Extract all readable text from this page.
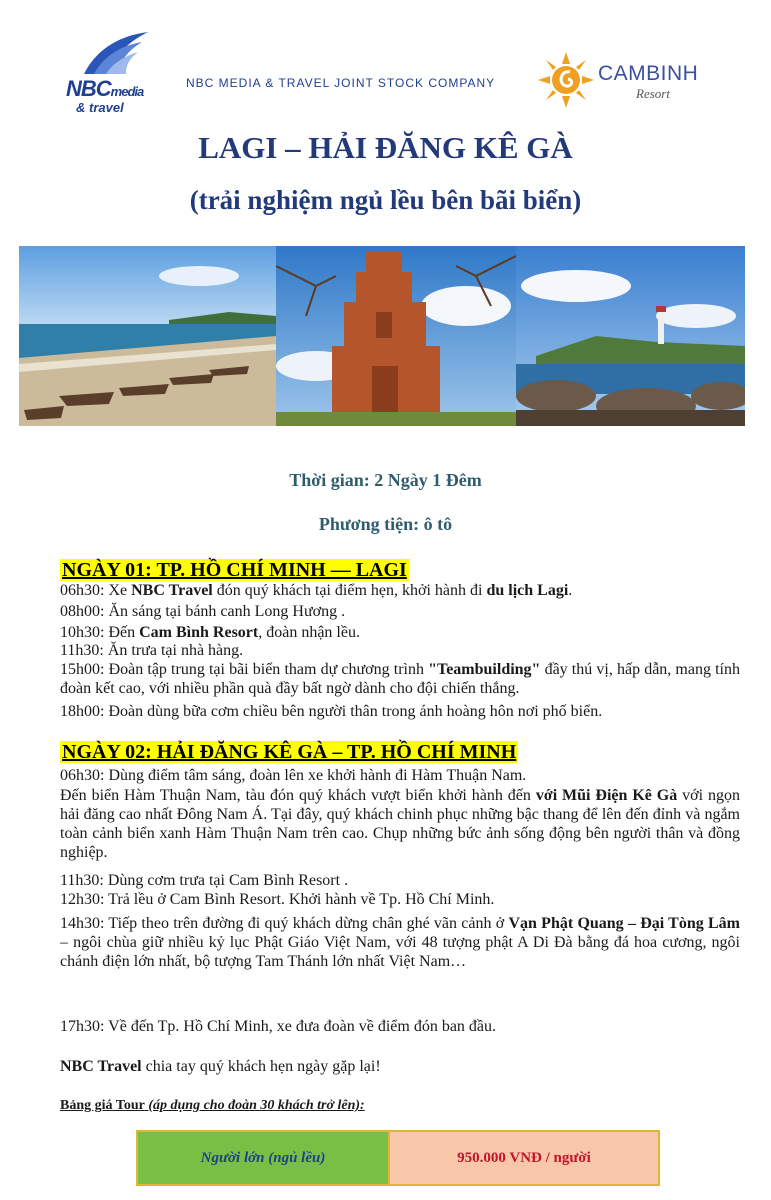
NBCmedia
& travel
NBC MEDIA & TRAVEL JOINT STOCK COMPANY	CAMBINH
Resort
LAGI – HẢI ĐĂNG KÊ GÀ
(trải nghiệm ngủ lều bên bãi biển)
Thời gian: 2 Ngày 1 Đêm
Phương tiện: ô tô
NGÀY 01: TP. HỒ CHÍ MINH — LAGI
06h30: Xe NBC Travel đón quý khách tại điểm hẹn, khởi hành đi du lịch Lagi.
08h00: Ăn sáng tại bánh canh Long Hương .
10h30: Đến Cam Bình Resort, đoàn nhận lều.
11h30: Ăn trưa tại nhà hàng.
15h00: Đoàn tập trung tại bãi biển tham dự chương trình "Teambuilding" đầy thú vị, hấp dẫn, mang tính đoàn kết cao, với nhiều phần quà đầy bất ngờ dành cho đội chiến thắng.
18h00: Đoàn dùng bữa cơm chiều bên người thân trong ánh hoàng hôn nơi phố biển.
NGÀY 02: HẢI ĐĂNG KÊ GÀ – TP. HỒ CHÍ MINH
06h30: Dùng điểm tâm sáng, đoàn lên xe khởi hành đi Hàm Thuận Nam.
Đến biển Hàm Thuận Nam, tàu đón quý khách vượt biển khởi hành đến với Mũi Điện Kê Gà với ngọn hải đăng cao nhất Đông Nam Á. Tại đây, quý khách chinh phục những bậc thang để lên đến đỉnh và ngắm toàn cảnh biển xanh Hàm Thuận Nam trên cao. Chụp những bức ảnh sống động bên người thân và đồng nghiệp.
11h30: Dùng cơm trưa tại Cam Bình Resort .
12h30: Trả lều ở Cam Bình Resort. Khởi hành về Tp. Hồ Chí Minh.
14h30: Tiếp theo trên đường đi quý khách dừng chân ghé vãn cảnh ở Vạn Phật Quang – Đại Tòng Lâm – ngôi chùa giữ nhiều kỷ lục Phật Giáo Việt Nam, với 48 tượng phật A Di Đà bằng đá hoa cương, ngôi chánh điện lớn nhất, bộ tượng Tam Thánh lớn nhất Việt Nam…
17h30: Về đến Tp. Hồ Chí Minh, xe đưa đoàn về điểm đón ban đầu.
NBC Travel chia tay quý khách hẹn ngày gặp lại!
Bảng giá Tour (áp dụng cho đoàn 30 khách trở lên):
Người lớn (ngủ lều)	950.000 VNĐ / người
